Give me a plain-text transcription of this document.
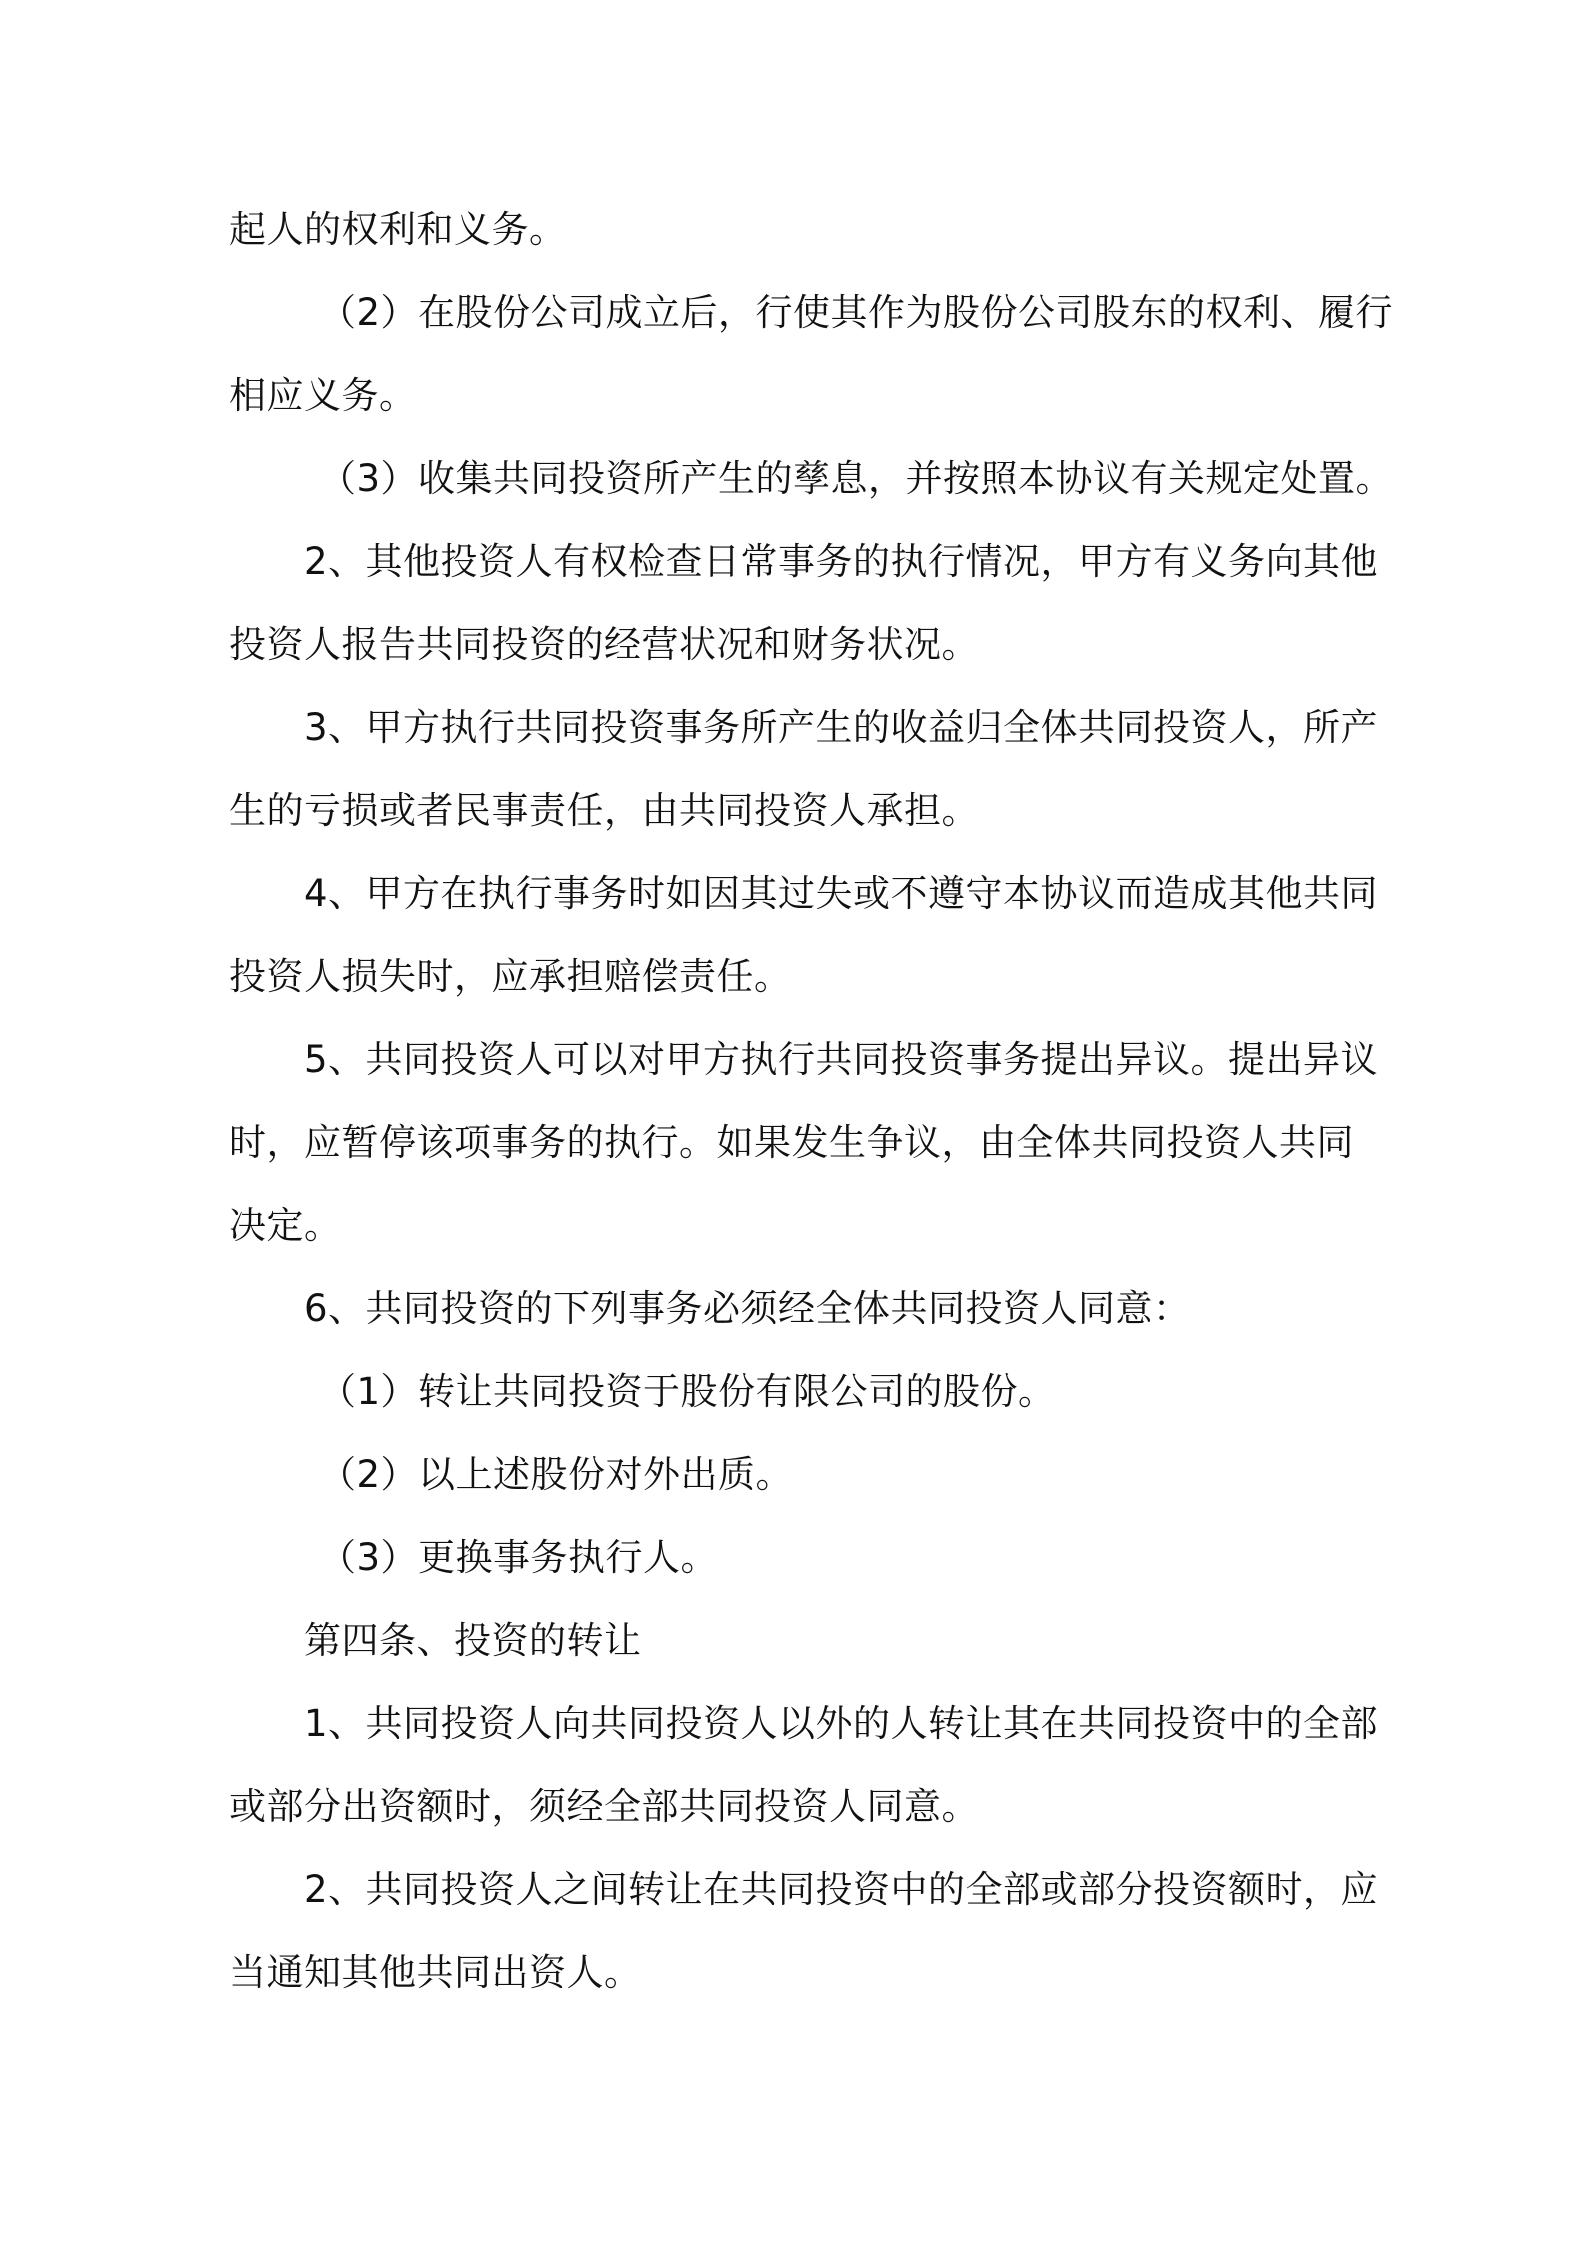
起人的权利和义务。
（2）在股份公司成立后，行使其作为股份公司股东的权利、履行
相应义务。
（3）收集共同投资所产生的孳息，并按照本协议有关规定处置。
2、其他投资人有权检查日常事务的执行情况，甲方有义务向其他
投资人报告共同投资的经营状况和财务状况。
3、甲方执行共同投资事务所产生的收益归全体共同投资人，所产
生的亏损或者民事责任，由共同投资人承担。
4、甲方在执行事务时如因其过失或不遵守本协议而造成其他共同
投资人损失时，应承担赔偿责任。
5、共同投资人可以对甲方执行共同投资事务提出异议。提出异议
时，应暂停该项事务的执行。如果发生争议，由全体共同投资人共同
决定。
6、共同投资的下列事务必须经全体共同投资人同意：
（1）转让共同投资于股份有限公司的股份。
（2）以上述股份对外出质。
（3）更换事务执行人。
第四条、投资的转让
1、共同投资人向共同投资人以外的人转让其在共同投资中的全部
或部分出资额时，须经全部共同投资人同意。
2、共同投资人之间转让在共同投资中的全部或部分投资额时，应
当通知其他共同出资人。
